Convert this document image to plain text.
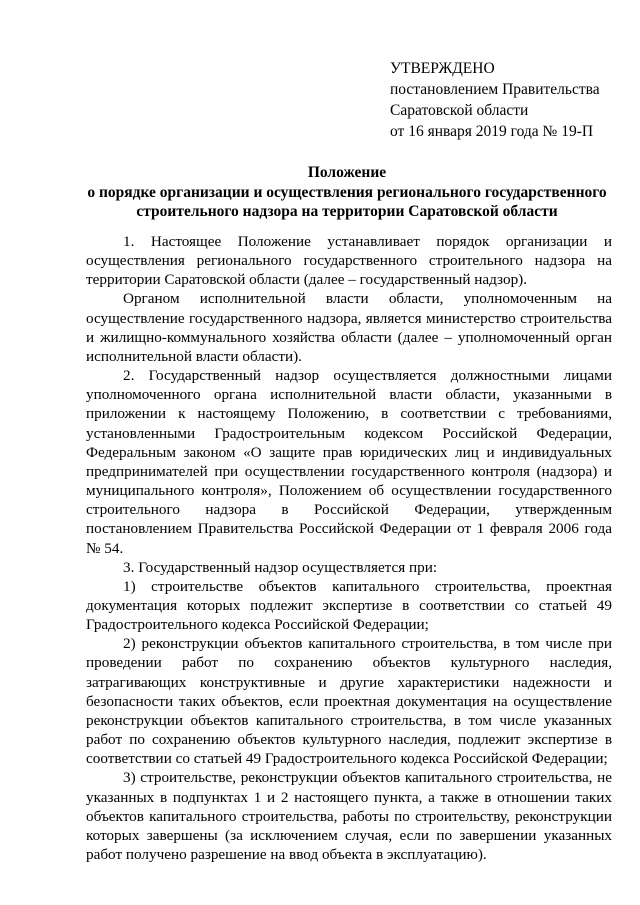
УТВЕРЖДЕНО
постановлением Правительства
Саратовской области
от 16 января 2019 года № 19-П
Положение
о порядке организации и осуществления регионального государственного
строительного надзора на территории Саратовской области

1. Настоящее Положение устанавливает порядок организации и осуществления регионального государственного строительного надзора на территории Саратовской области (далее – государственный надзор).

Органом исполнительной власти области, уполномоченным на осуществление государственного надзора, является министерство строительства и жилищно-коммунального хозяйства области (далее – уполномоченный орган исполнительной власти области).

2. Государственный надзор осуществляется должностными лицами уполномоченного органа исполнительной власти области, указанными в приложении к настоящему Положению, в соответствии с требованиями, установленными Градостроительным кодексом Российской Федерации, Федеральным законом «О защите прав юридических лиц и индивидуальных предпринимателей при осуществлении государственного контроля (надзора) и муниципального контроля», Положением об осуществлении государственного строительного надзора в Российской Федерации, утвержденным постановлением Правительства Российской Федерации от 1 февраля 2006 года № 54.

3. Государственный надзор осуществляется при:

1) строительстве объектов капитального строительства, проектная документация которых подлежит экспертизе в соответствии со статьей 49 Градостроительного кодекса Российской Федерации;

2) реконструкции объектов капитального строительства, в том числе при проведении работ по сохранению объектов культурного наследия, затрагивающих конструктивные и другие характеристики надежности и безопасности таких объектов, если проектная документация на осуществление реконструкции объектов капитального строительства, в том числе указанных работ по сохранению объектов культурного наследия, подлежит экспертизе в соответствии со статьей 49 Градостроительного кодекса Российской Федерации;

3) строительстве, реконструкции объектов капитального строительства, не указанных в подпунктах 1 и 2 настоящего пункта, а также в отношении таких объектов капитального строительства, работы по строительству, реконструкции которых завершены (за исключением случая, если по завершении указанных работ получено разрешение на ввод объекта в эксплуатацию).
